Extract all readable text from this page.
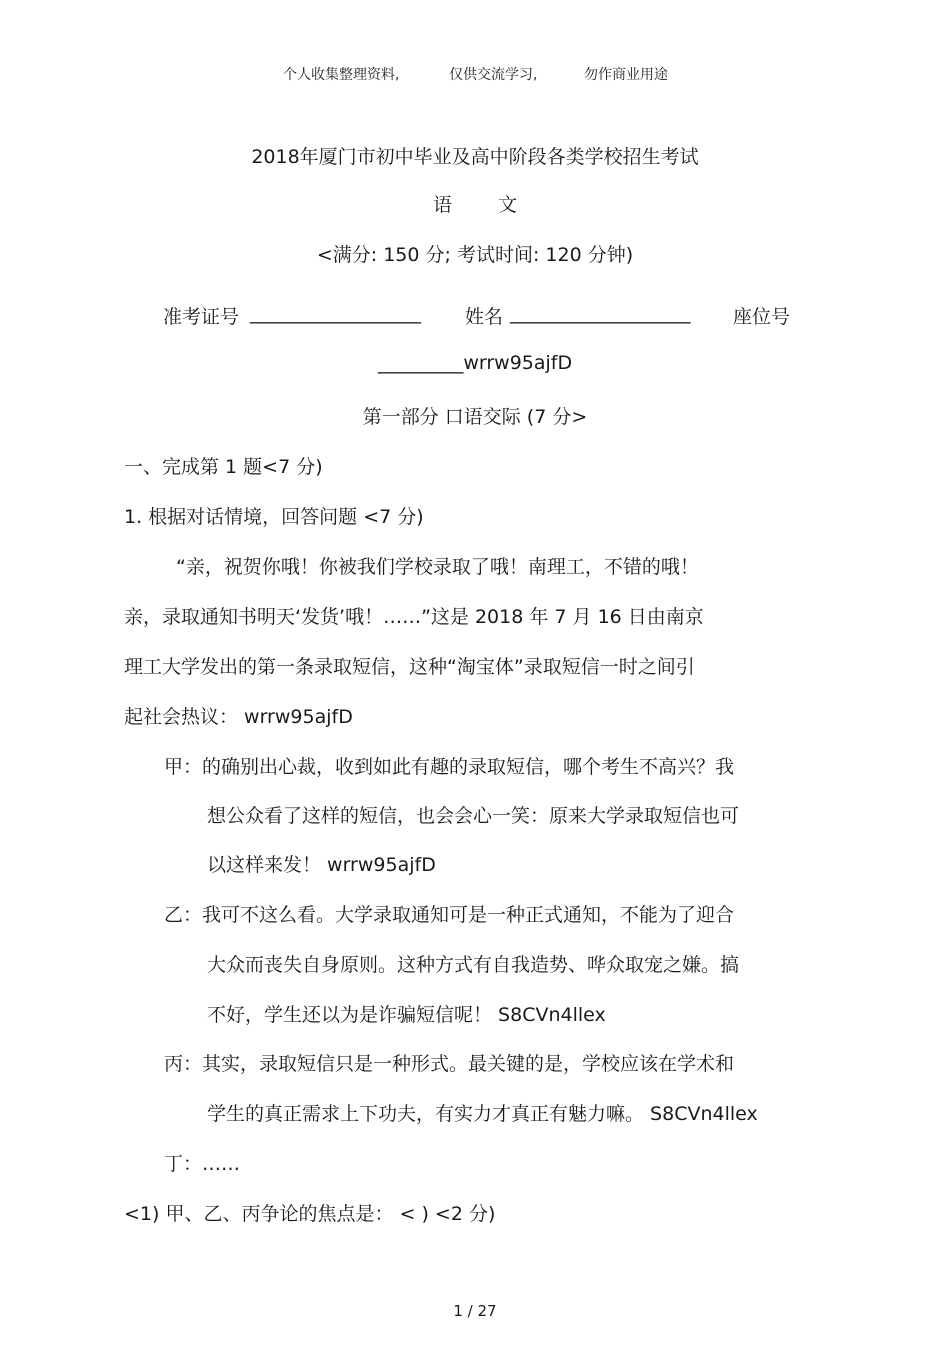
个人收集整理资料,	仅供交流学习,	勿作商业用途
2018年厦门市初中毕业及高中阶段各类学校招生考试
语 文
<满分: 150 分; 考试时间: 120 分钟)
准考证号 __________________ 姓名 ___________________ 座位号
_________wrrw95ajfD
第一部分 口语交际 (7 分>
一、完成第 1 题<7 分)
1. 根据对话情境，回答问题 <7 分)
“亲，祝贺你哦！你被我们学校录取了哦！南理工，不错的哦！
亲，录取通知书明天‘发货’哦！……”这是 2018 年 7 月 16 日由南京
理工大学发出的第一条录取短信，这种“淘宝体”录取短信一时之间引
起社会热议： wrrw95ajfD
甲：的确别出心裁，收到如此有趣的录取短信，哪个考生不高兴？我
想公众看了这样的短信，也会会心一笑：原来大学录取短信也可
以这样来发！ wrrw95ajfD
乙：我可不这么看。大学录取通知可是一种正式通知，不能为了迎合
大众而丧失自身原则。这种方式有自我造势、哗众取宠之嫌。搞
不好，学生还以为是诈骗短信呢！ S8CVn4llex
丙：其实，录取短信只是一种形式。最关键的是，学校应该在学术和
学生的真正需求上下功夫，有实力才真正有魅力嘛。 S8CVn4llex
丁：……
<1) 甲、乙、丙争论的焦点是： < ) <2 分)
1 / 27
